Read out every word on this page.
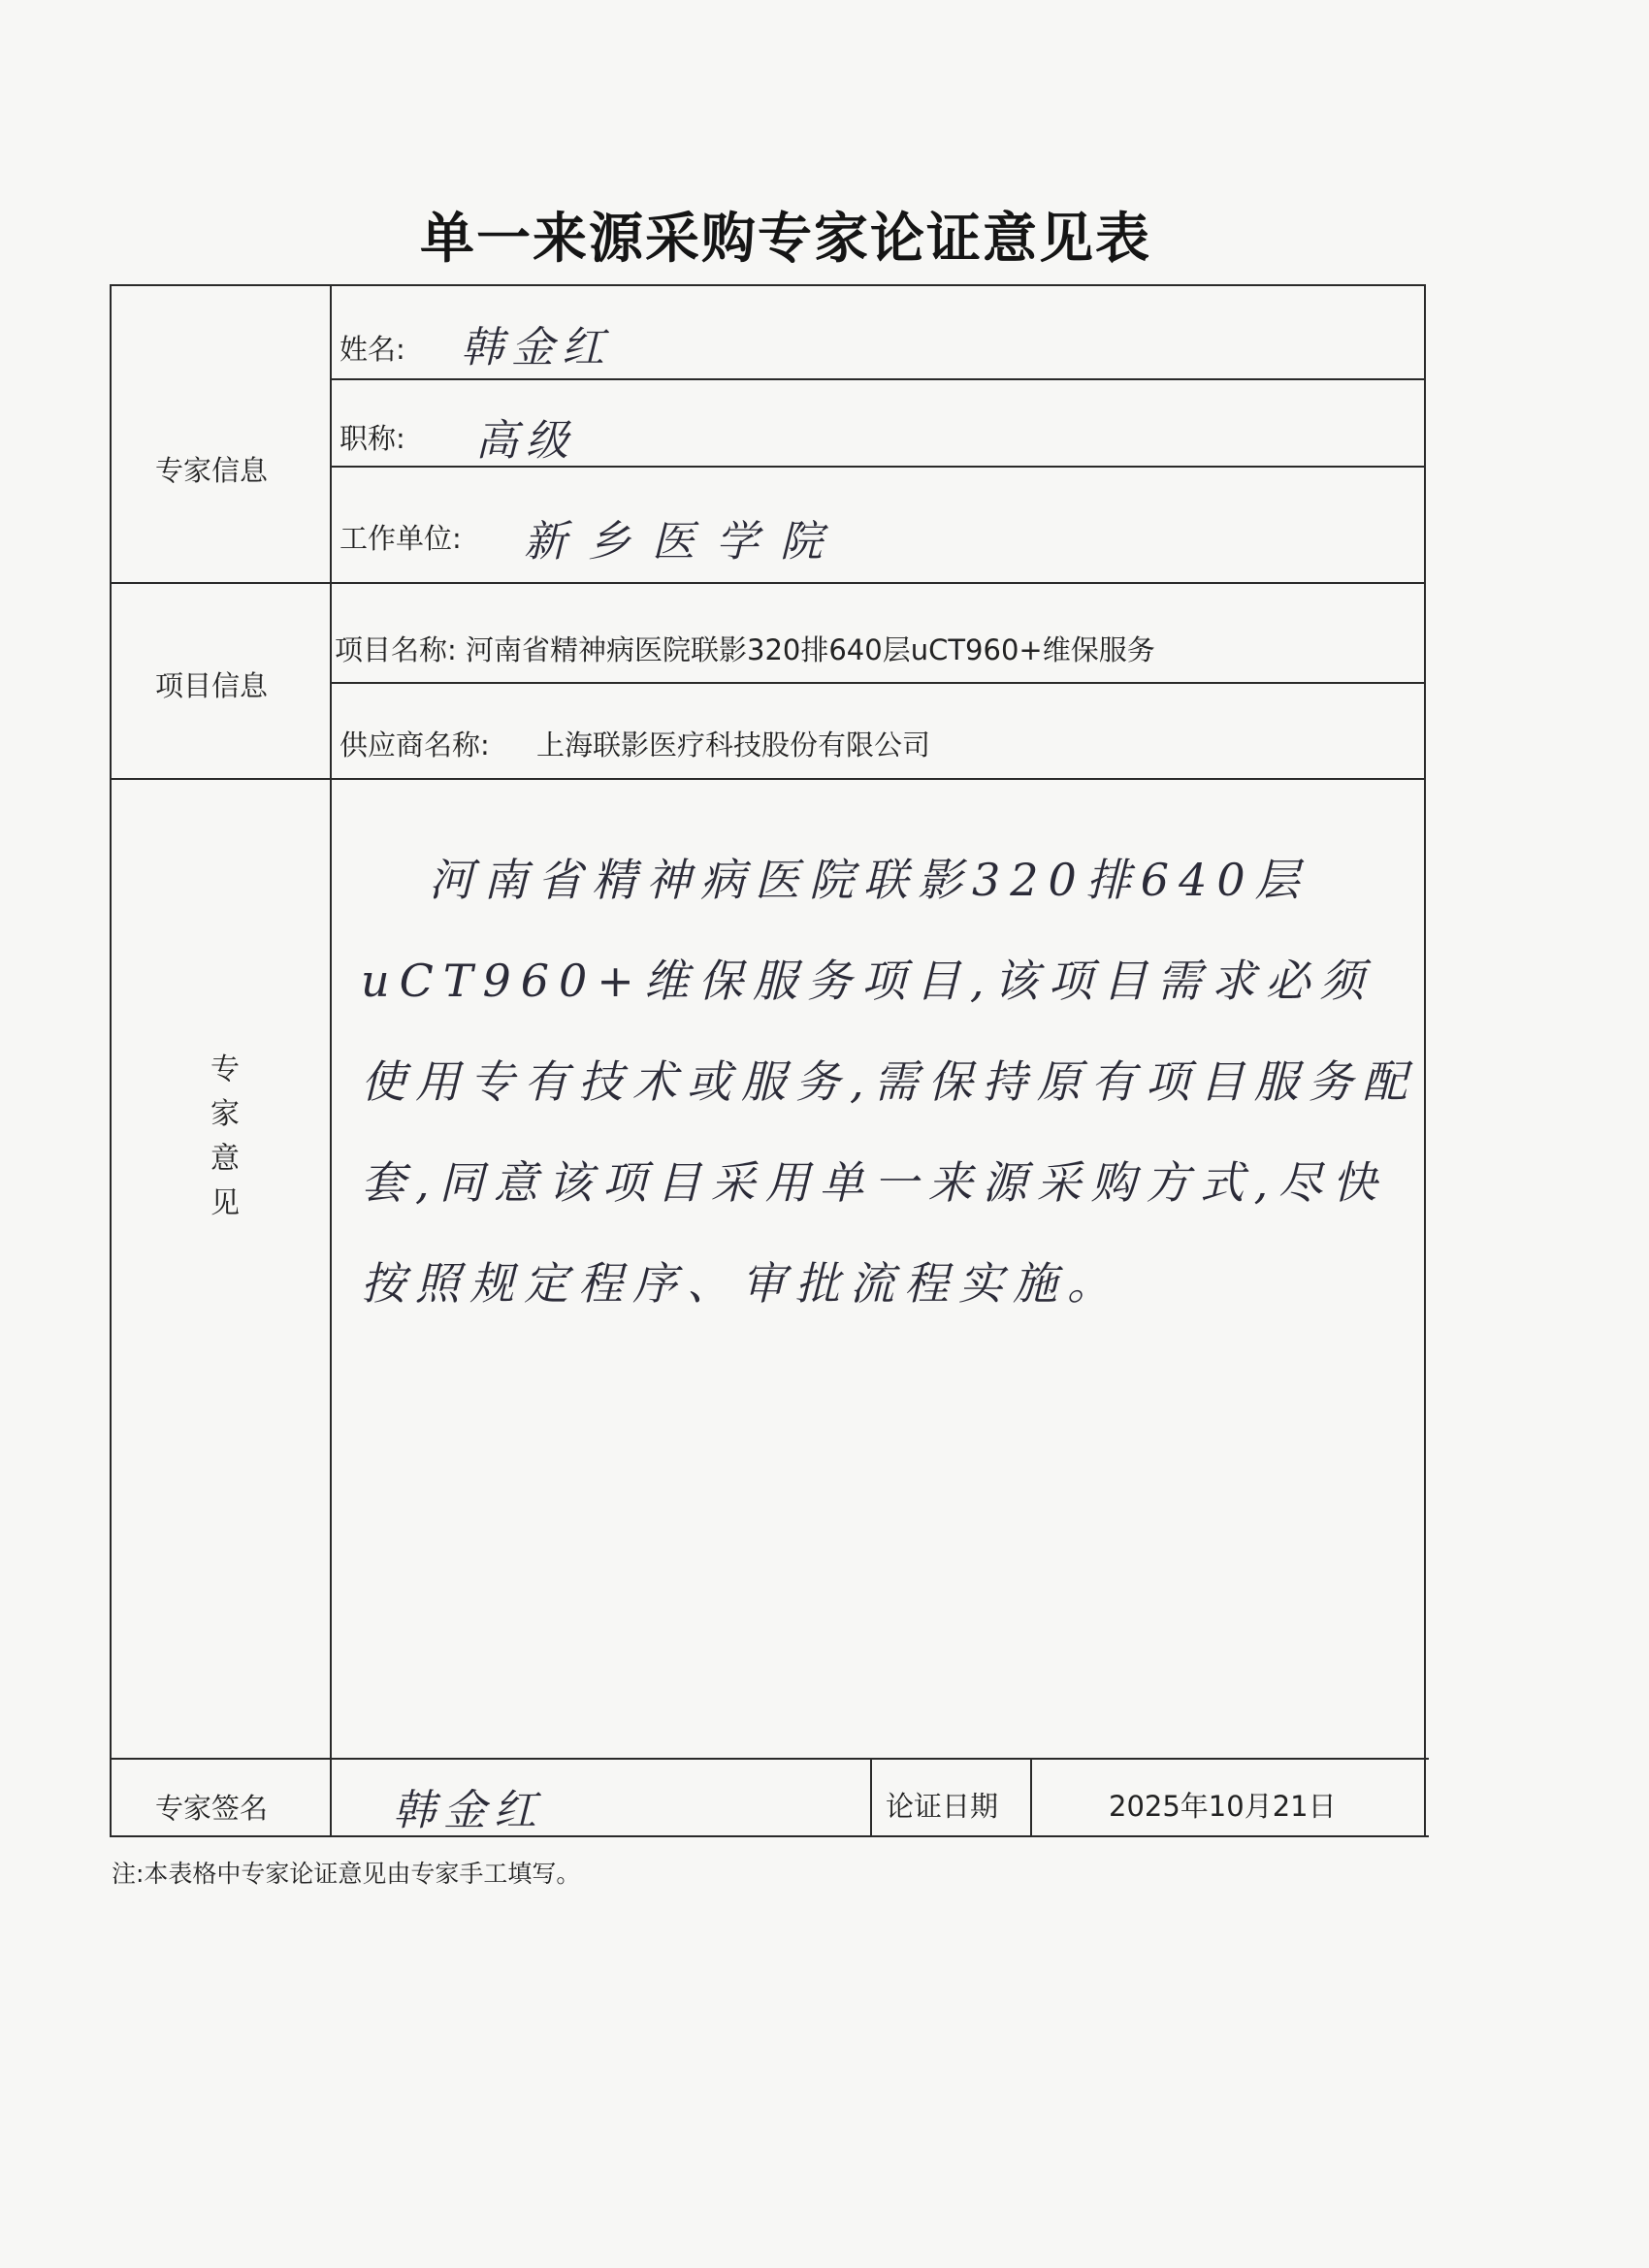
单一来源采购专家论证意见表
专家信息
姓名: 韩金红
职称: 高级
工作单位: 新乡医学院
项目信息
项目名称: 河南省精神病医院联影320排640层uCT960+维保服务
供应商名称: 上海联影医疗科技股份有限公司
专
家
意
见
河南省精神病医院联影320排640层uCT960+维保服务项目,该项目需求必须使用专有技术或服务,需保持原有项目服务配套,同意该项目采用单一来源采购方式,尽快按照规定程序、审批流程实施。
专家签名	韩金红	论证日期	2025年10月21日
注:本表格中专家论证意见由专家手工填写。
